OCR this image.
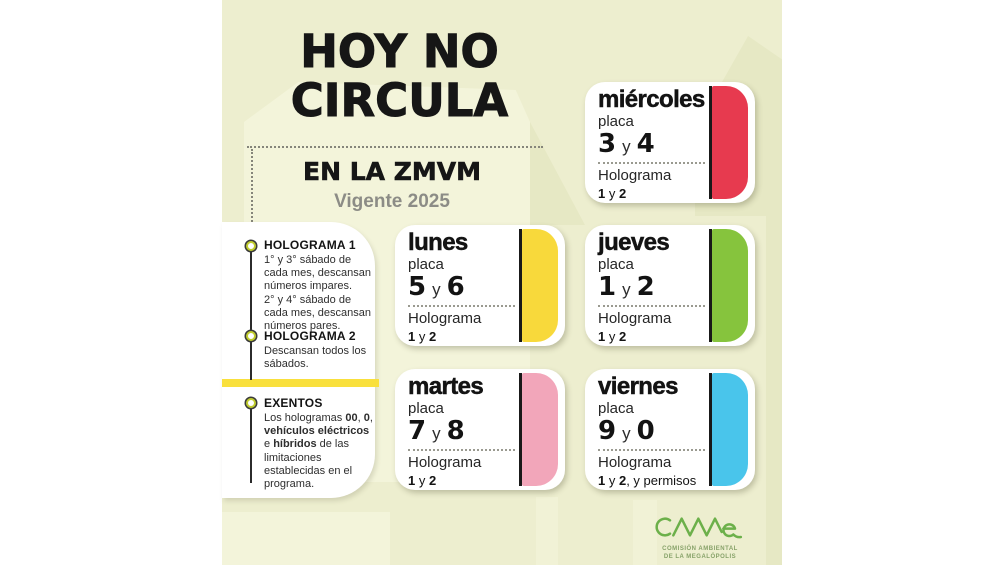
HOY NO
CIRCULA
EN LA ZMVM
Vigente 2025
HOLOGRAMA 1
1° y 3° sábado de cada mes, descansan números impares.
2° y 4° sábado de cada mes, descansan números pares.
HOLOGRAMA 2
Descansan todos los sábados.
EXENTOS
Los hologramas 00, 0, vehículos eléctricos e híbridos de las limitaciones establecidas en el programa.
miércoles
placa
3 y 4
Holograma
1 y 2
lunes
placa
5 y 6
Holograma
1 y 2
jueves
placa
1 y 2
Holograma
1 y 2
martes
placa
7 y 8
Holograma
1 y 2
viernes
placa
9 y 0
Holograma
1 y 2, y permisos
COMISIÓN AMBIENTAL
DE LA MEGALÓPOLIS
